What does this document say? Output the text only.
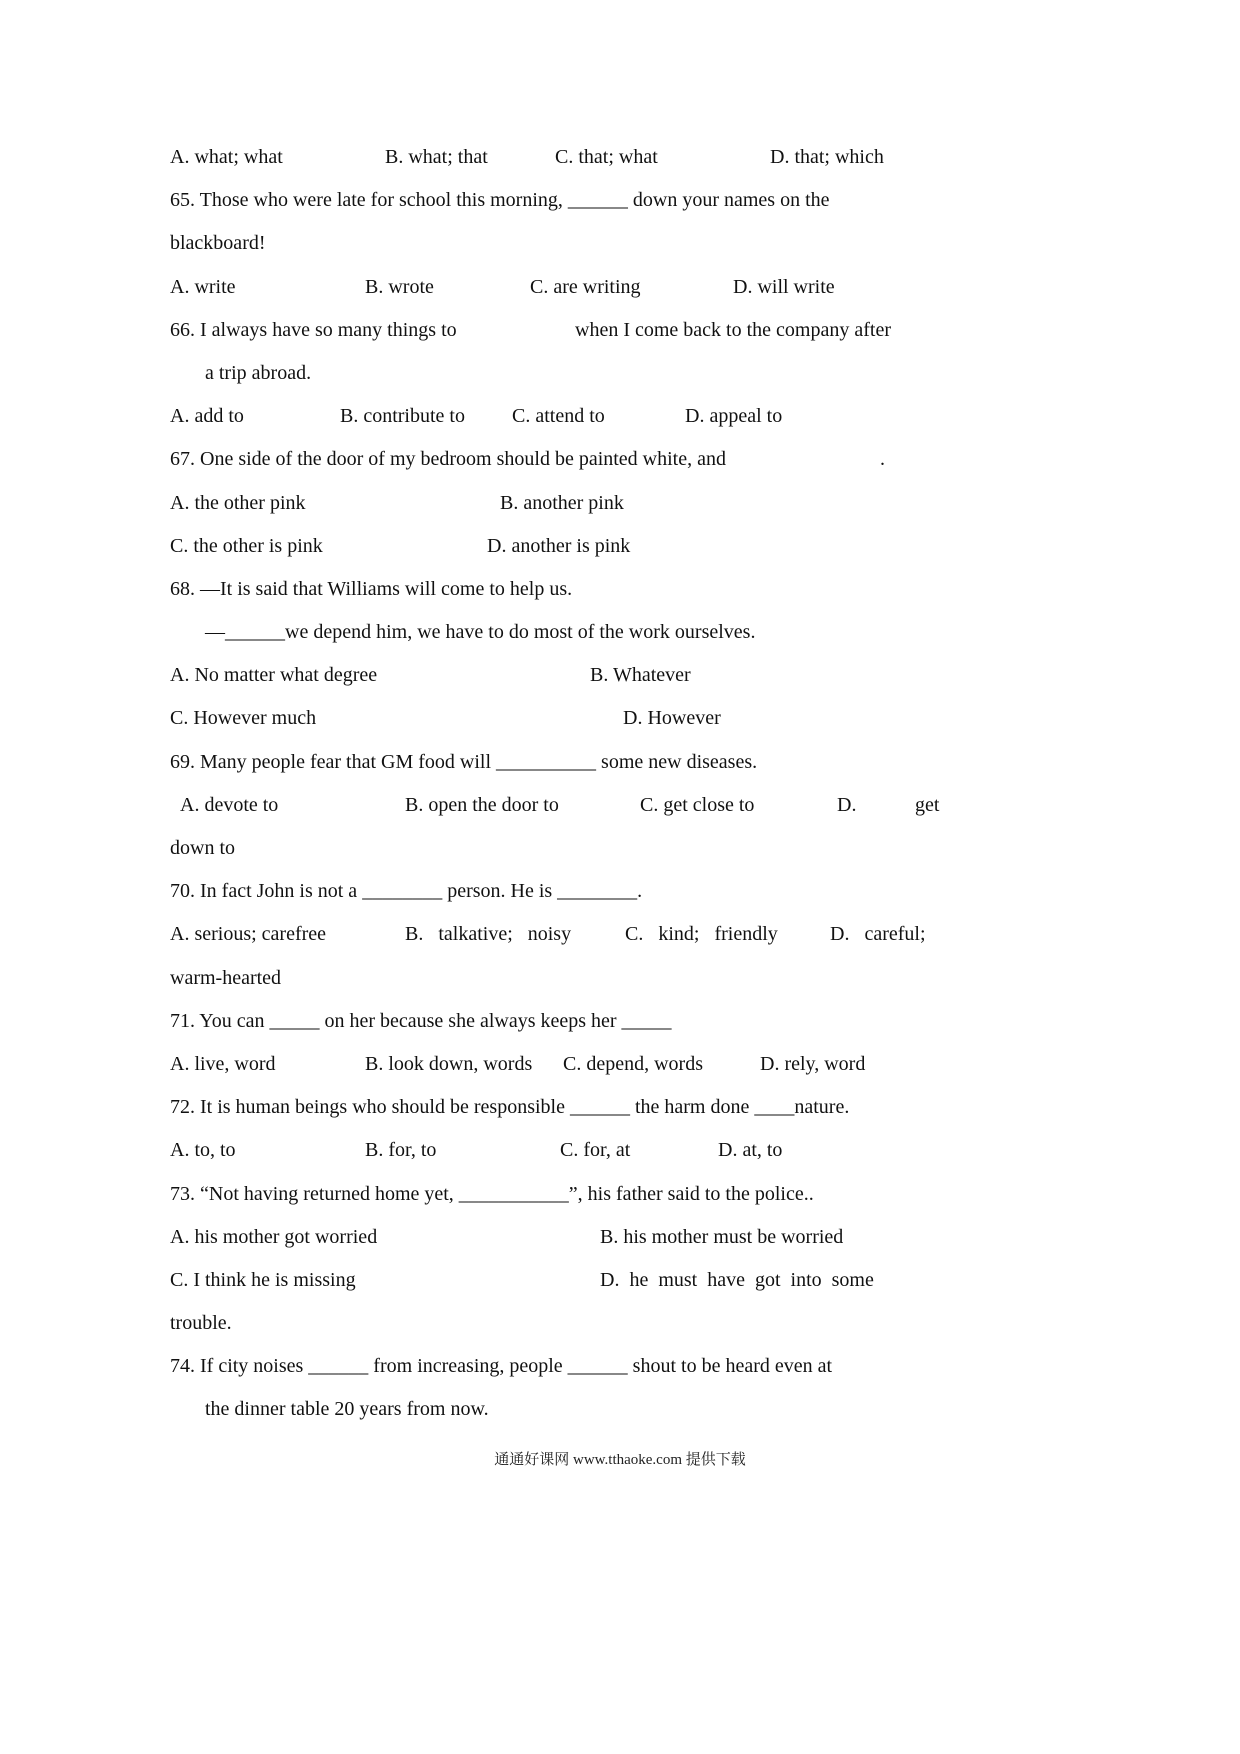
A. what; what

	B. what; that

	C. that; what

	D. that; which

65. Those who were late for school this morning, ______ down your names on the

blackboard!

A. write

	B. wrote

	C. are writing

	D. will write

66. I always have so many things to

	when I come back to the company after

a trip abroad.

A. add to

	B. contribute to

C. attend to

	D. appeal to

67. One side of the door of my bedroom should be painted white, and

	.

A. the other pink

	B. another pink

C. the other is pink

	D. another is pink

68. —It is said that Williams will come to help us.

—______we depend him, we have to do most of the work ourselves.

A. No matter what degree

	B. Whatever

C. However much

	D. However

69. Many people fear that GM food will __________ some new diseases.

A. devote to

	B. open the door to

	C. get close to

	D.

	get

down to

70. In fact John is not a ________ person. He is ________.

A. serious; carefree

	B.   talkative;   noisy

	C.   kind;   friendly

	D.   careful;

warm-hearted

71. You can _____ on her because she always keeps her _____

A. live, word

	B. look down, words

C. depend, words

	D. rely, word

72. It is human beings who should be responsible ______ the harm done ____nature.

A. to, to

	B. for, to

	C. for, at

	D. at, to

73. “Not having returned home yet, ___________”, his father said to the police..

A. his mother got worried

	B. his mother must be worried

C. I think he is missing

	D.  he  must  have  got  into  some

trouble.

74. If city noises ______ from increasing, people ______ shout to be heard even at

the dinner table 20 years from now.

通通好课网 www.tthaoke.com 提供下载
